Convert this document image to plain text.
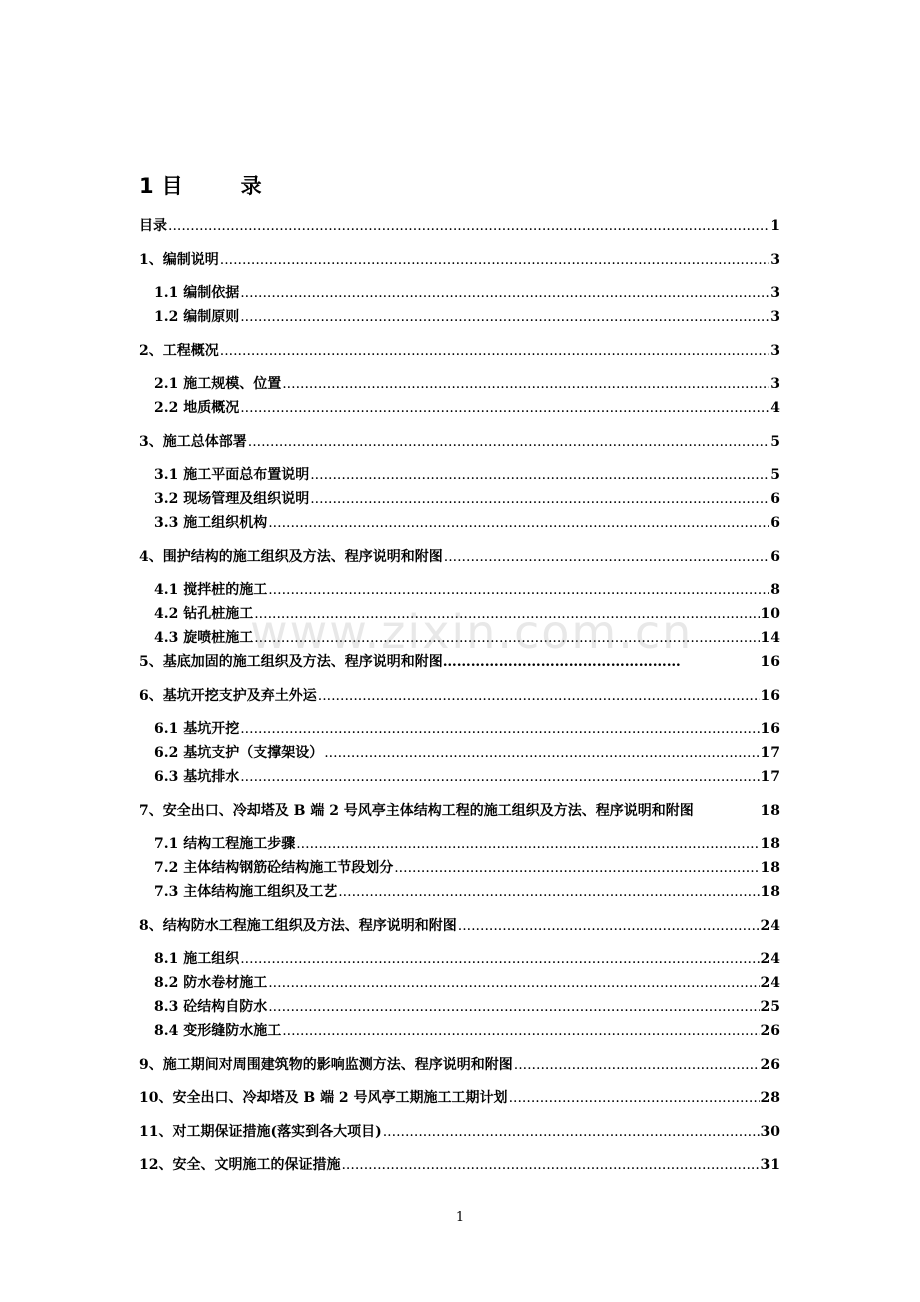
1 目	录
目录 .....	1
1、编制说明 .....	3
1.1 编制依据 .....	3
1.2 编制原则 .....	3
2、工程概况 .....	3
2.1 施工规模、位置 .....	3
2.2 地质概况 .....	4
3、施工总体部署 .....	5
3.1 施工平面总布置说明 .....	5
3.2 现场管理及组织说明 .....	6
3.3 施工组织机构 .....	6
4、围护结构的施工组织及方法、程序说明和附图 .....	6
4.1 搅拌桩的施工 .....	8
4.2 钻孔桩施工 .....	10
4.3 旋喷桩施工 .....	14
5、基底加固的施工组织及方法、程序说明和附图……………………………………………	16
6、基坑开挖支护及弃土外运 .....	16
6.1 基坑开挖 .....	16
6.2 基坑支护（支撑架设） .....	17
6.3 基坑排水 .....	17
7、安全出口、冷却塔及 B 端 2 号风亭主体结构工程的施工组织及方法、程序说明和附图	18
7.1 结构工程施工步骤 .....	18
7.2 主体结构钢筋砼结构施工节段划分 .....	18
7.3 主体结构施工组织及工艺 .....	18
8、结构防水工程施工组织及方法、程序说明和附图 .....	24
8.1 施工组织 .....	24
8.2 防水卷材施工 .....	24
8.3 砼结构自防水 .....	25
8.4 变形缝防水施工 .....	26
9、施工期间对周围建筑物的影响监测方法、程序说明和附图 .....	26
10、安全出口、冷却塔及 B 端 2 号风亭工期施工工期计划 .....	28
11、对工期保证措施(落实到各大项目) .....	30
12、安全、文明施工的保证措施 .....	31
www.zixin.com.cn
1
